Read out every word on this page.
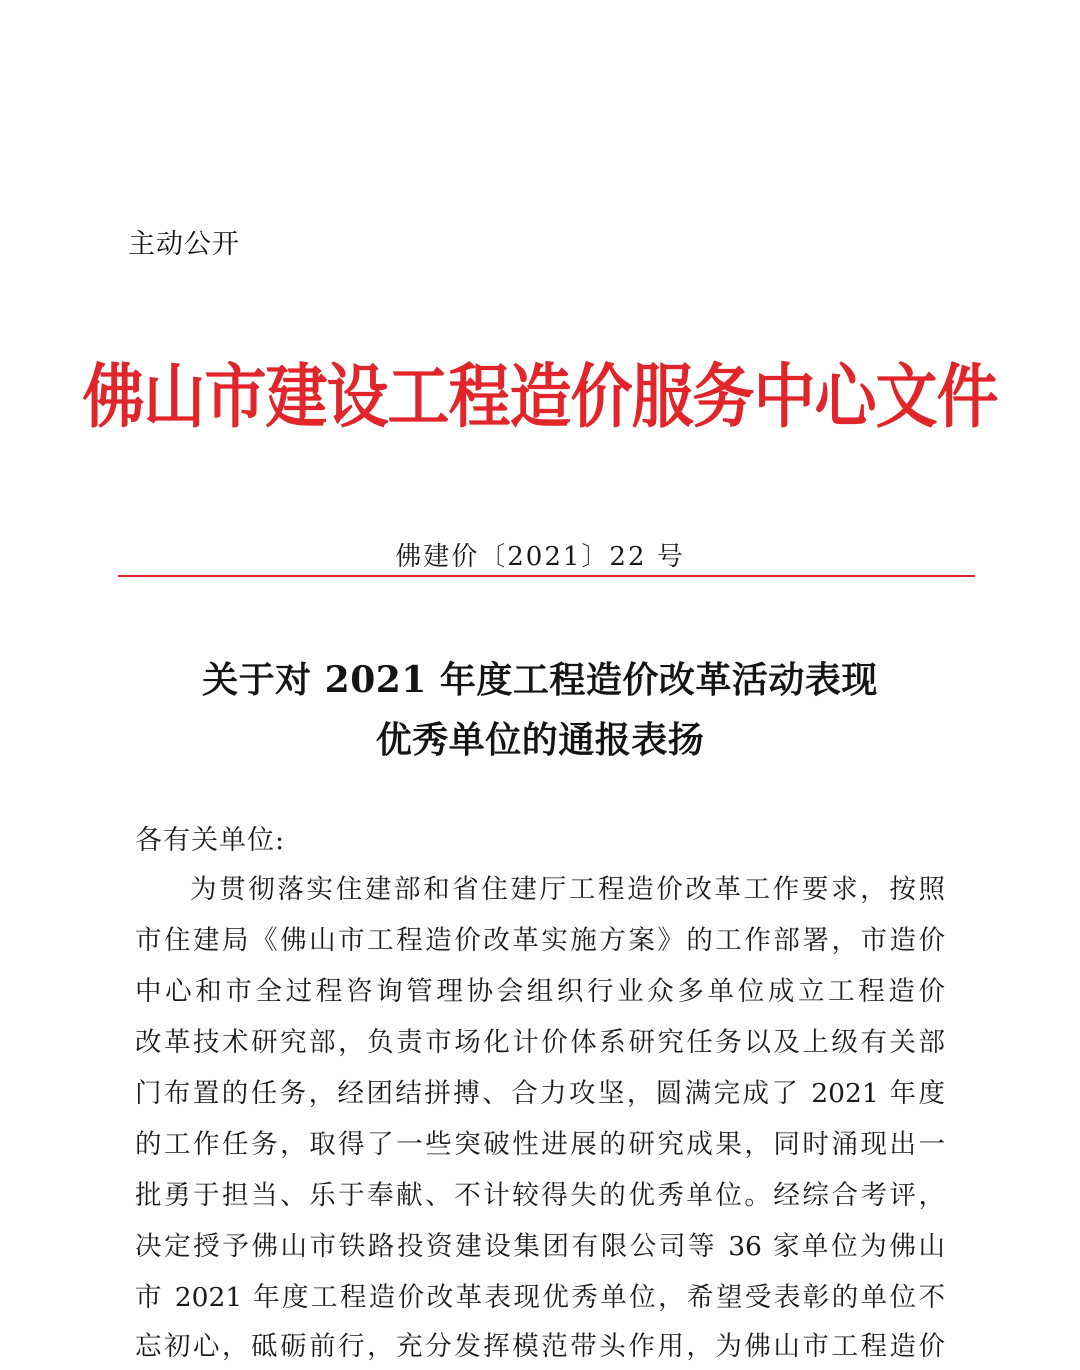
主动公开
佛山市建设工程造价服务中心文件
佛建价〔2021〕22 号
关于对 2021 年度工程造价改革活动表现
优秀单位的通报表扬
各有关单位:
为贯彻落实住建部和省住建厅工程造价改革工作要求，按照
市住建局《佛山市工程造价改革实施方案》的工作部署，市造价
中心和市全过程咨询管理协会组织行业众多单位成立工程造价
改革技术研究部，负责市场化计价体系研究任务以及上级有关部
门布置的任务，经团结拼搏、合力攻坚，圆满完成了 2021 年度
的工作任务，取得了一些突破性进展的研究成果，同时涌现出一
批勇于担当、乐于奉献、不计较得失的优秀单位。经综合考评，
决定授予佛山市铁路投资建设集团有限公司等 36 家单位为佛山
市 2021 年度工程造价改革表现优秀单位，希望受表彰的单位不
忘初心，砥砺前行，充分发挥模范带头作用，为佛山市工程造价
